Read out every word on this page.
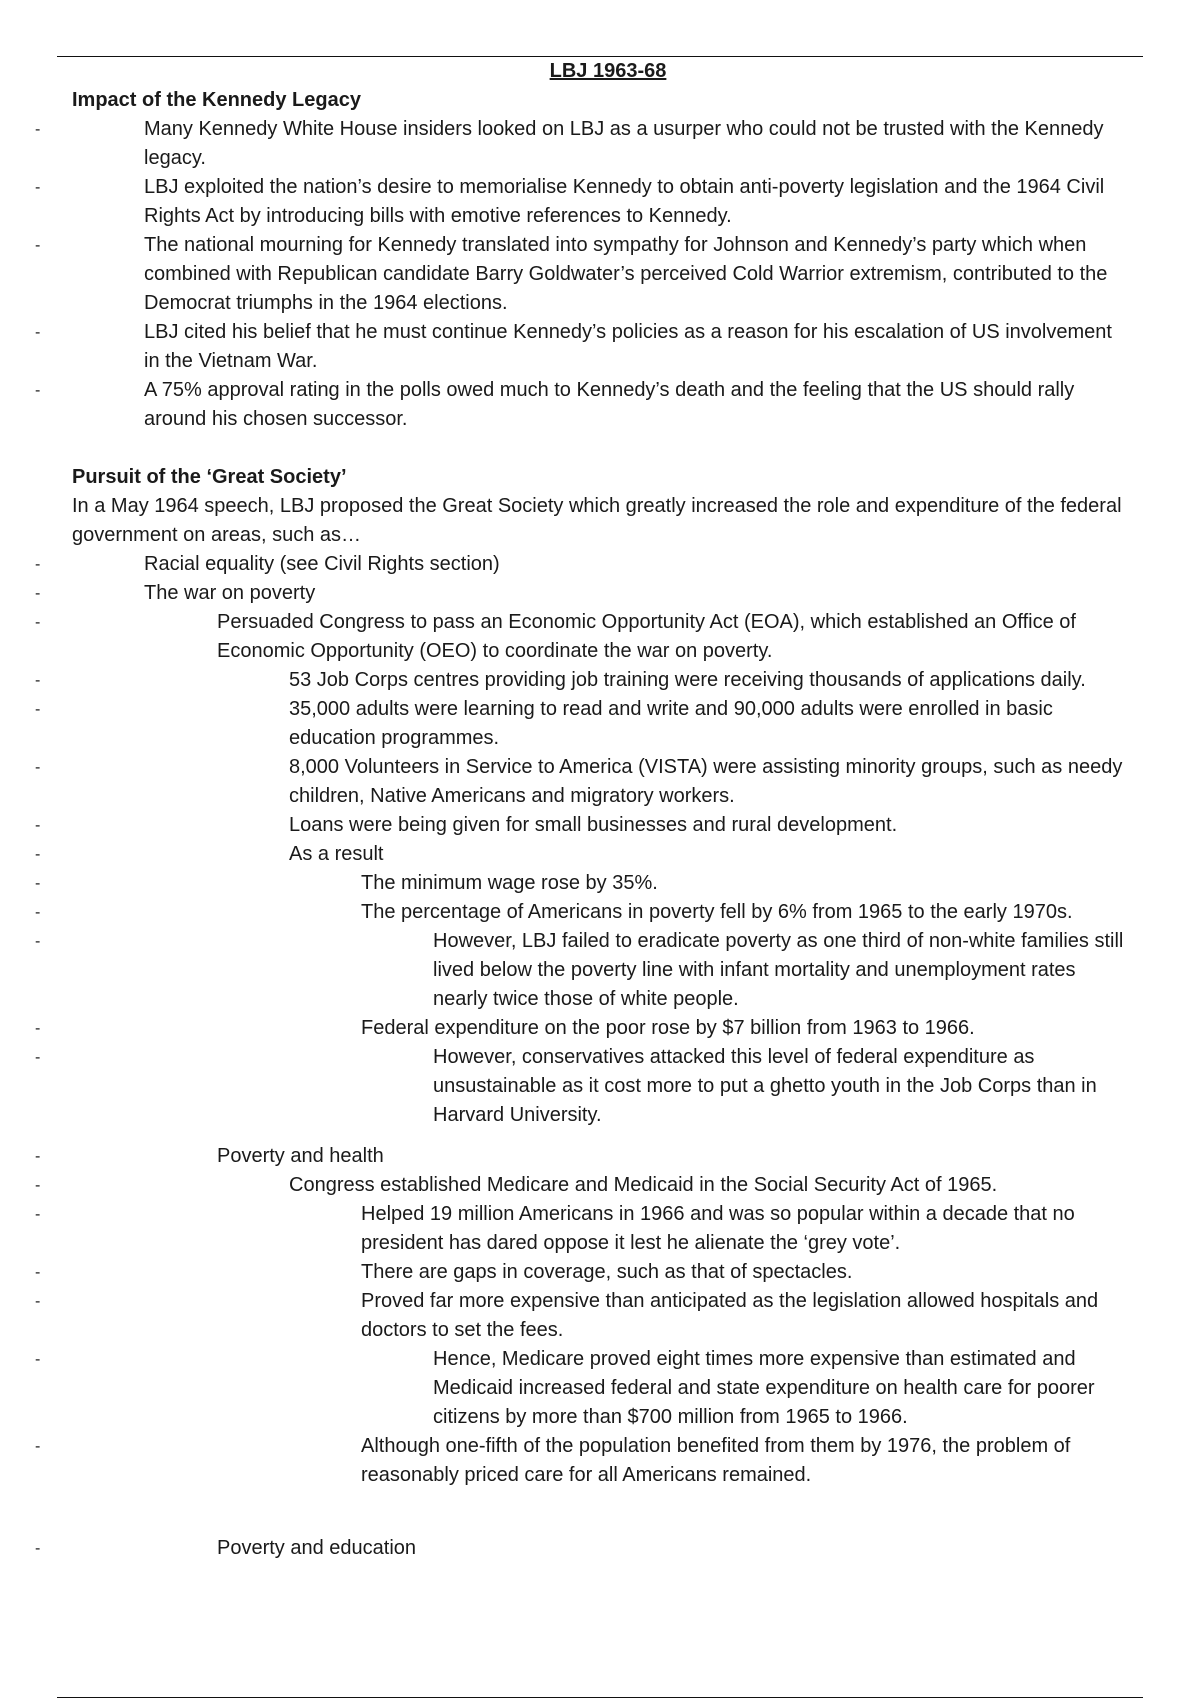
LBJ 1963-68
Impact of the Kennedy Legacy
-	Many Kennedy White House insiders looked on LBJ as a usurper who could not be trusted with the Kennedy legacy.
-	LBJ exploited the nation’s desire to memorialise Kennedy to obtain anti-poverty legislation and the 1964 Civil Rights Act by introducing bills with emotive references to Kennedy.
-	The national mourning for Kennedy translated into sympathy for Johnson and Kennedy’s party which when combined with Republican candidate Barry Goldwater’s perceived Cold Warrior extremism, contributed to the Democrat triumphs in the 1964 elections.
-	LBJ cited his belief that he must continue Kennedy’s policies as a reason for his escalation of US involvement in the Vietnam War.
-	A 75% approval rating in the polls owed much to Kennedy’s death and the feeling that the US should rally around his chosen successor.
Pursuit of the ‘Great Society’

In a May 1964 speech, LBJ proposed the Great Society which greatly increased the role and expenditure of the federal government on areas, such as…

-	Racial equality (see Civil Rights section)
-	The war on poverty
-	Persuaded Congress to pass an Economic Opportunity Act (EOA), which established an Office of Economic Opportunity (OEO) to coordinate the war on poverty.
-	53 Job Corps centres providing job training were receiving thousands of applications daily.
-	35,000 adults were learning to read and write and 90,000 adults were enrolled in basic education programmes.
-	8,000 Volunteers in Service to America (VISTA) were assisting minority groups, such as needy children, Native Americans and migratory workers.
-	Loans were being given for small businesses and rural development.
-	As a result
-	The minimum wage rose by 35%.
-	The percentage of Americans in poverty fell by 6% from 1965 to the early 1970s.
-	However, LBJ failed to eradicate poverty as one third of non-white families still lived below the poverty line with infant mortality and unemployment rates nearly twice those of white people.
-	Federal expenditure on the poor rose by $7 billion from 1963 to 1966.
-	However, conservatives attacked this level of federal expenditure as unsustainable as it cost more to put a ghetto youth in the Job Corps than in Harvard University.
-	Poverty and health
-	Congress established Medicare and Medicaid in the Social Security Act of 1965.
-	Helped 19 million Americans in 1966 and was so popular within a decade that no president has dared oppose it lest he alienate the ‘grey vote’.
-	There are gaps in coverage, such as that of spectacles.
-	Proved far more expensive than anticipated as the legislation allowed hospitals and doctors to set the fees.
-	Hence, Medicare proved eight times more expensive than estimated and Medicaid increased federal and state expenditure on health care for poorer citizens by more than $700 million from 1965 to 1966.
-	Although one-fifth of the population benefited from them by 1976, the problem of reasonably priced care for all Americans remained.
-	Poverty and education
